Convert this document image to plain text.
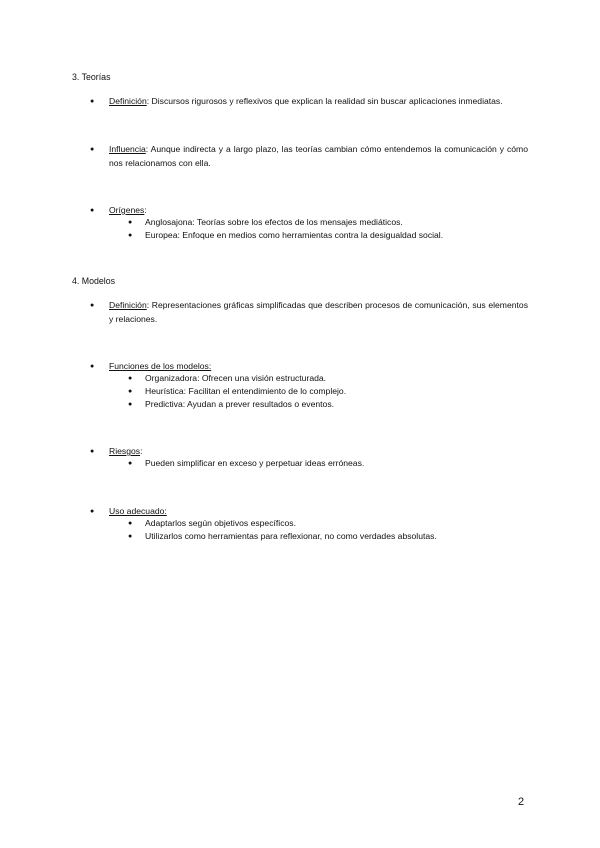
3. Teorías
● Definición: Discursos rigurosos y reflexivos que explican la realidad sin buscar aplicaciones inmediatas.
● Influencia: Aunque indirecta y a largo plazo, las teorías cambian cómo entendemos la comunicación y cómo nos relacionamos con ella.
● Orígenes:
● Anglosajona: Teorías sobre los efectos de los mensajes mediáticos.
● Europea: Enfoque en medios como herramientas contra la desigualdad social.
4. Modelos
● Definición: Representaciones gráficas simplificadas que describen procesos de comunicación, sus elementos y relaciones.
● Funciones de los modelos:
● Organizadora: Ofrecen una visión estructurada.
● Heurística: Facilitan el entendimiento de lo complejo.
● Predictiva: Ayudan a prever resultados o eventos.
● Riesgos:
● Pueden simplificar en exceso y perpetuar ideas erróneas.
● Uso adecuado:
● Adaptarlos según objetivos específicos.
● Utilizarlos como herramientas para reflexionar, no como verdades absolutas.
2
